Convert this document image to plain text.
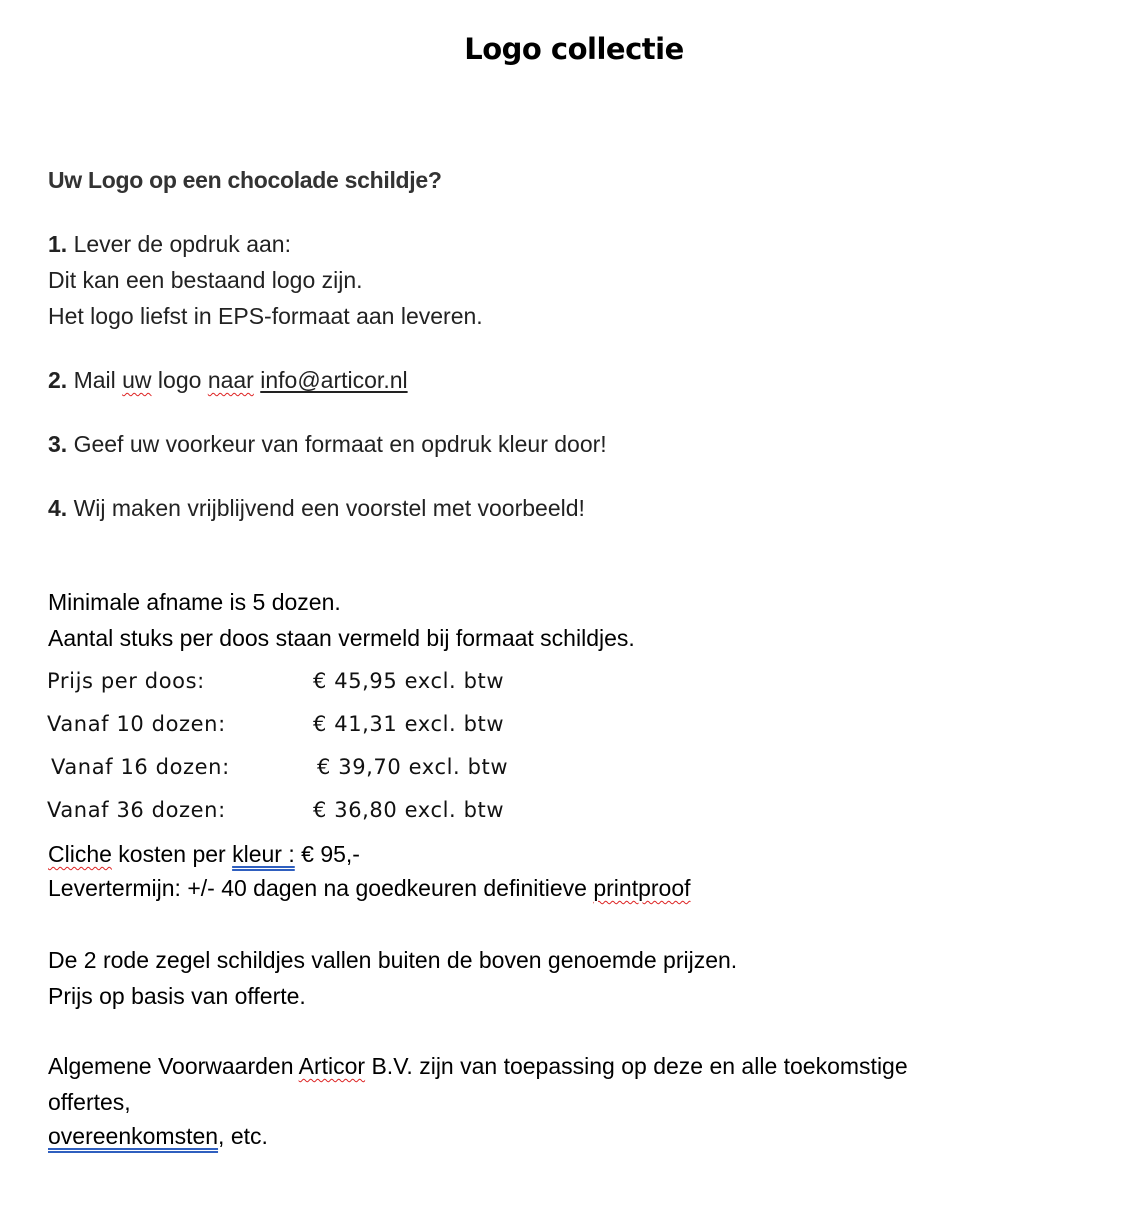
Logo collectie
Uw Logo op een chocolade schildje?
1. Lever de opdruk aan:
Dit kan een bestaand logo zijn.
Het logo liefst in EPS-formaat aan leveren.
2. Mail uw logo naar info@articor.nl
3. Geef uw voorkeur van formaat en opdruk kleur door!
4. Wij maken vrijblijvend een voorstel met voorbeeld!
Minimale afname is 5 dozen.
Aantal stuks per doos staan vermeld bij formaat schildjes.
Prijs per doos:	€ 45,95 excl. btw
Vanaf 10 dozen:	€ 41,31 excl. btw
Vanaf 16 dozen:	€ 39,70 excl. btw
Vanaf 36 dozen:	€ 36,80 excl. btw
Cliche kosten per kleur : € 95,-
Levertermijn: +/- 40 dagen na goedkeuren definitieve printproof
De 2 rode zegel schildjes vallen buiten de boven genoemde prijzen.
Prijs op basis van offerte.
Algemene Voorwaarden Articor B.V. zijn van toepassing op deze en alle toekomstige
offertes,
overeenkomsten, etc.
